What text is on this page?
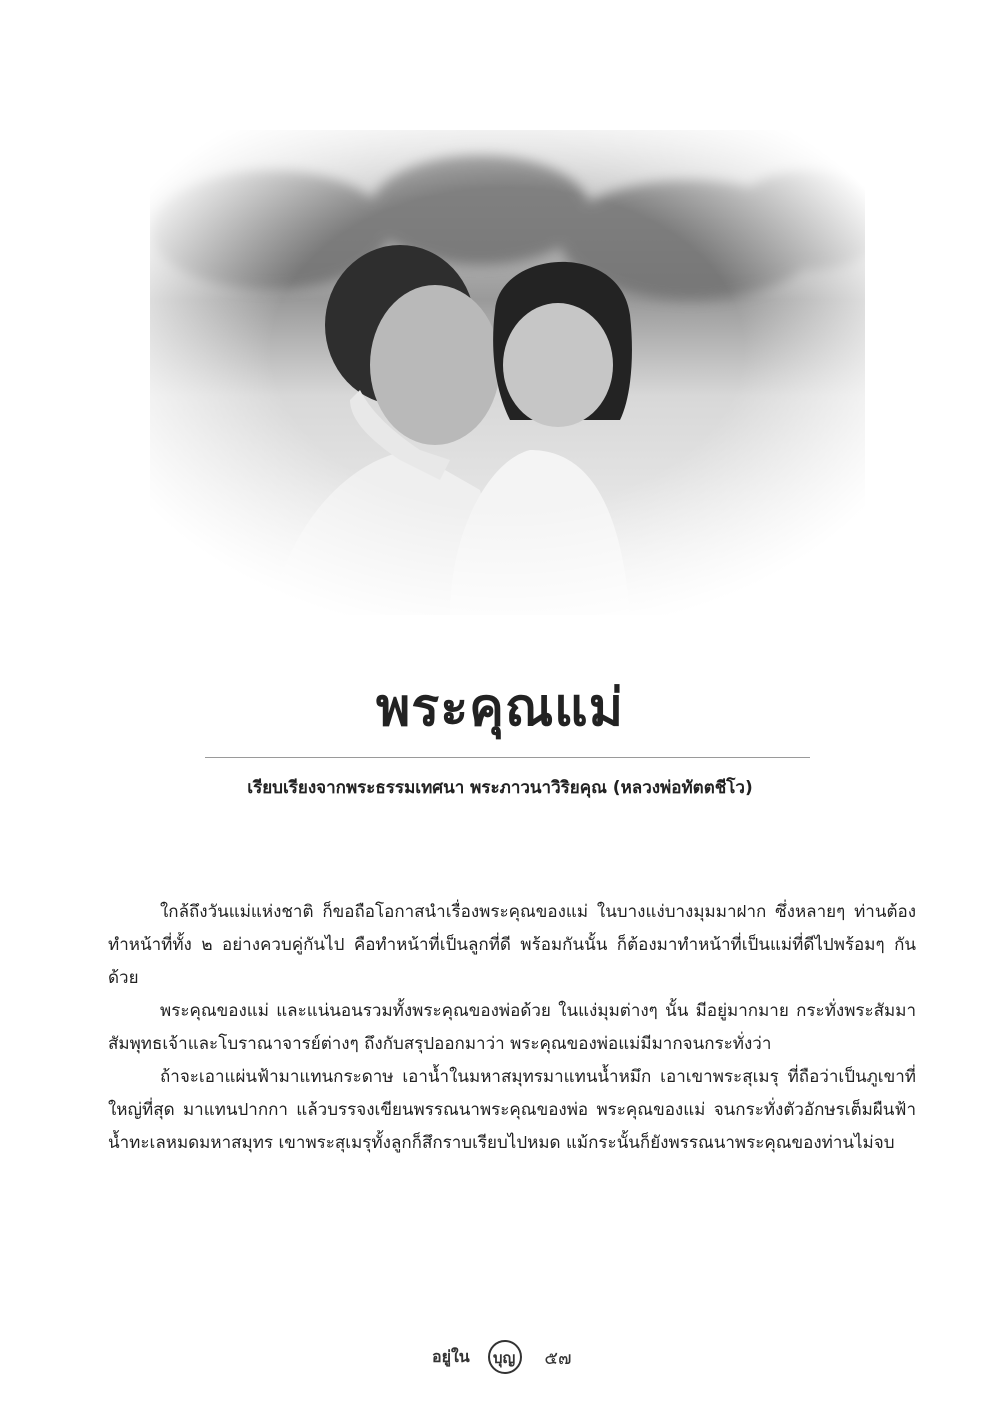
พระคุณแม่
เรียบเรียงจากพระธรรมเทศนา พระภาวนาวิริยคุณ (หลวงพ่อทัตตชีโว)

ใกล้ถึงวันแม่แห่งชาติ ก็ขอถือโอกาสนำเรื่องพระคุณของแม่ ในบางแง่บางมุมมาฝาก ซึ่งหลายๆ ท่านต้องทำหน้าที่ทั้ง ๒ อย่างควบคู่กันไป คือทำหน้าที่เป็นลูกที่ดี พร้อมกันนั้น ก็ต้องมาทำหน้าที่เป็นแม่ที่ดีไปพร้อมๆ กันด้วย

พระคุณของแม่ และแน่นอนรวมทั้งพระคุณของพ่อด้วย ในแง่มุมต่างๆ นั้น มีอยู่มากมาย กระทั่งพระสัมมาสัมพุทธเจ้าและโบราณาจารย์ต่างๆ ถึงกับสรุปออกมาว่า พระคุณของพ่อแม่มีมากจนกระทั่งว่า

ถ้าจะเอาแผ่นฟ้ามาแทนกระดาษ เอาน้ำในมหาสมุทรมาแทนน้ำหมึก เอาเขาพระสุเมรุ ที่ถือว่าเป็นภูเขาที่ใหญ่ที่สุด มาแทนปากกา แล้วบรรจงเขียนพรรณนาพระคุณของพ่อ พระคุณของแม่ จนกระทั่งตัวอักษรเต็มผืนฟ้า น้ำทะเลหมดมหาสมุทร เขาพระสุเมรุทั้งลูกก็สึกราบเรียบไปหมด แม้กระนั้นก็ยังพรรณนาพระคุณของท่านไม่จบ

อยู่ใน บุญ ๕๗
